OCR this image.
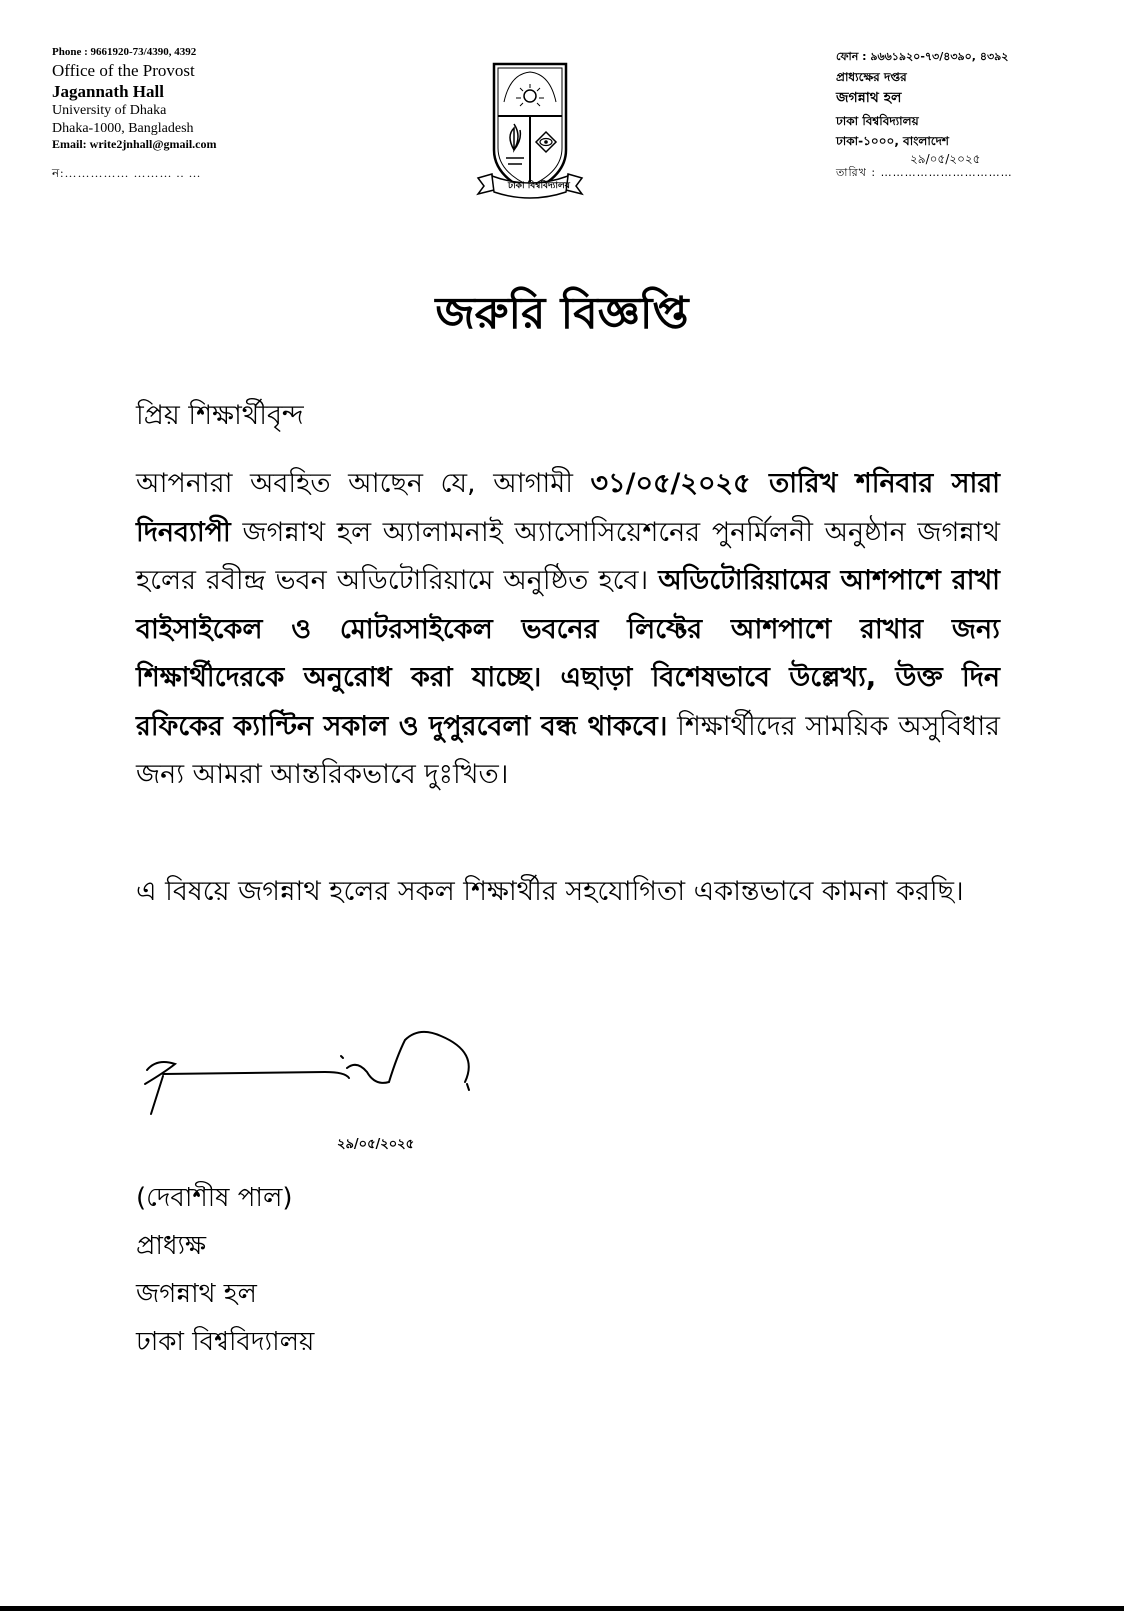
Phone : 9661920-73/4390, 4392
Office of the Provost
Jagannath Hall
University of Dhaka
Dhaka-1000, Bangladesh
Email: write2jnhall@gmail.com
ন:…………… ……… .. …
ঢাকা বিশ্ববিদ্যালয়
ফোন : ৯৬৬১৯২০-৭৩/৪৩৯০, ৪৩৯২
প্রাধ্যক্ষের দপ্তর
জগন্নাথ হল
ঢাকা বিশ্ববিদ্যালয়
ঢাকা-১০০০, বাংলাদেশ
২৯/০৫/২০২৫
তারিখ : ……………………………
জরুরি বিজ্ঞপ্তি
প্রিয় শিক্ষার্থীবৃন্দ
আপনারা অবহিত আছেন যে, আগামী ৩১/০৫/২০২৫ তারিখ শনিবার সারা দিনব্যাপী জগন্নাথ হল অ্যালামনাই অ্যাসোসিয়েশনের পুনর্মিলনী অনুষ্ঠান জগন্নাথ হলের রবীন্দ্র ভবন অডিটোরিয়ামে অনুষ্ঠিত হবে। অডিটোরিয়ামের আশপাশে রাখা বাইসাইকেল ও মোটরসাইকেল ভবনের লিফ্টের আশপাশে রাখার জন্য শিক্ষার্থীদেরকে অনুরোধ করা যাচ্ছে। এছাড়া বিশেষভাবে উল্লেখ্য, উক্ত দিন রফিকের ক্যান্টিন সকাল ও দুপুরবেলা বন্ধ থাকবে। শিক্ষার্থীদের সাময়িক অসুবিধার জন্য আমরা আন্তরিকভাবে দুঃখিত।
এ বিষয়ে জগন্নাথ হলের সকল শিক্ষার্থীর সহযোগিতা একান্তভাবে কামনা করছি।
২৯/০৫/২০২৫
(দেবাশীষ পাল)
প্রাধ্যক্ষ
জগন্নাথ হল
ঢাকা বিশ্ববিদ্যালয়
